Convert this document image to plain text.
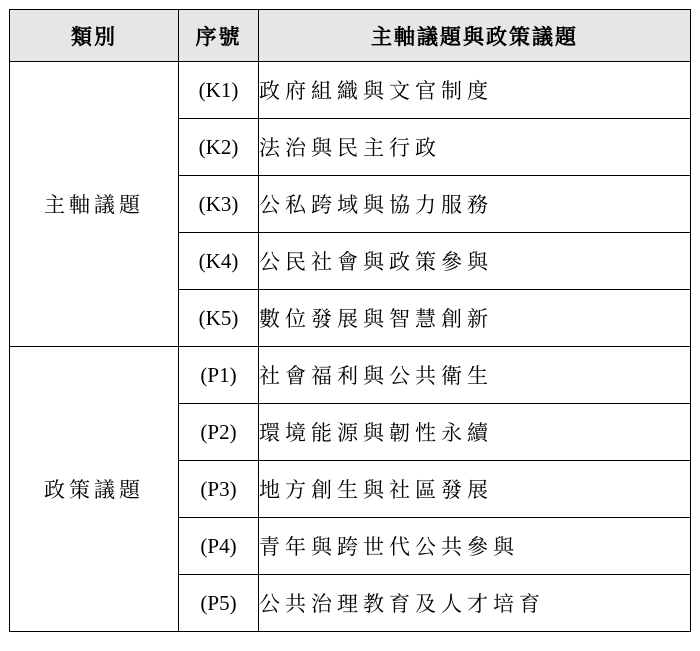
類別	序號	主軸議題與政策議題
主軸議題	(K1)	政府組織與文官制度
	(K2)	法治與民主行政
	(K3)	公私跨域與協力服務
	(K4)	公民社會與政策參與
	(K5)	數位發展與智慧創新
政策議題	(P1)	社會福利與公共衛生
	(P2)	環境能源與韌性永續
	(P3)	地方創生與社區發展
	(P4)	青年與跨世代公共參與
	(P5)	公共治理教育及人才培育
